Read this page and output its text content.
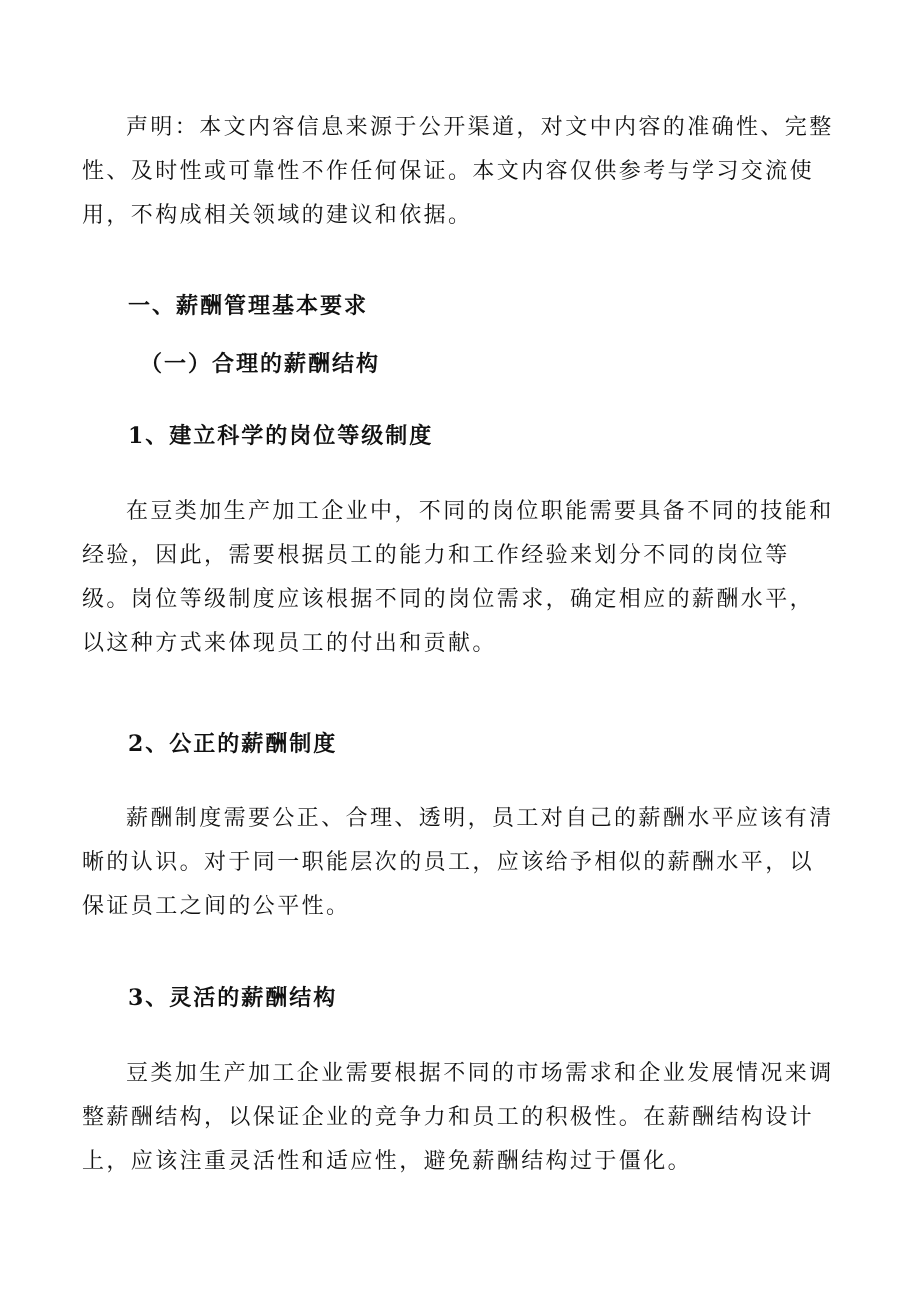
声明：本文内容信息来源于公开渠道，对文中内容的准确性、完整性、及时性或可靠性不作任何保证。本文内容仅供参考与学习交流使用，不构成相关领域的建议和依据。

一、薪酬管理基本要求
（一）合理的薪酬结构
1、建立科学的岗位等级制度

在豆类加生产加工企业中，不同的岗位职能需要具备不同的技能和经验，因此，需要根据员工的能力和工作经验来划分不同的岗位等级。岗位等级制度应该根据不同的岗位需求，确定相应的薪酬水平，以这种方式来体现员工的付出和贡献。

2、公正的薪酬制度

薪酬制度需要公正、合理、透明，员工对自己的薪酬水平应该有清晰的认识。对于同一职能层次的员工，应该给予相似的薪酬水平，以保证员工之间的公平性。

3、灵活的薪酬结构

豆类加生产加工企业需要根据不同的市场需求和企业发展情况来调整薪酬结构，以保证企业的竞争力和员工的积极性。在薪酬结构设计上，应该注重灵活性和适应性，避免薪酬结构过于僵化。
